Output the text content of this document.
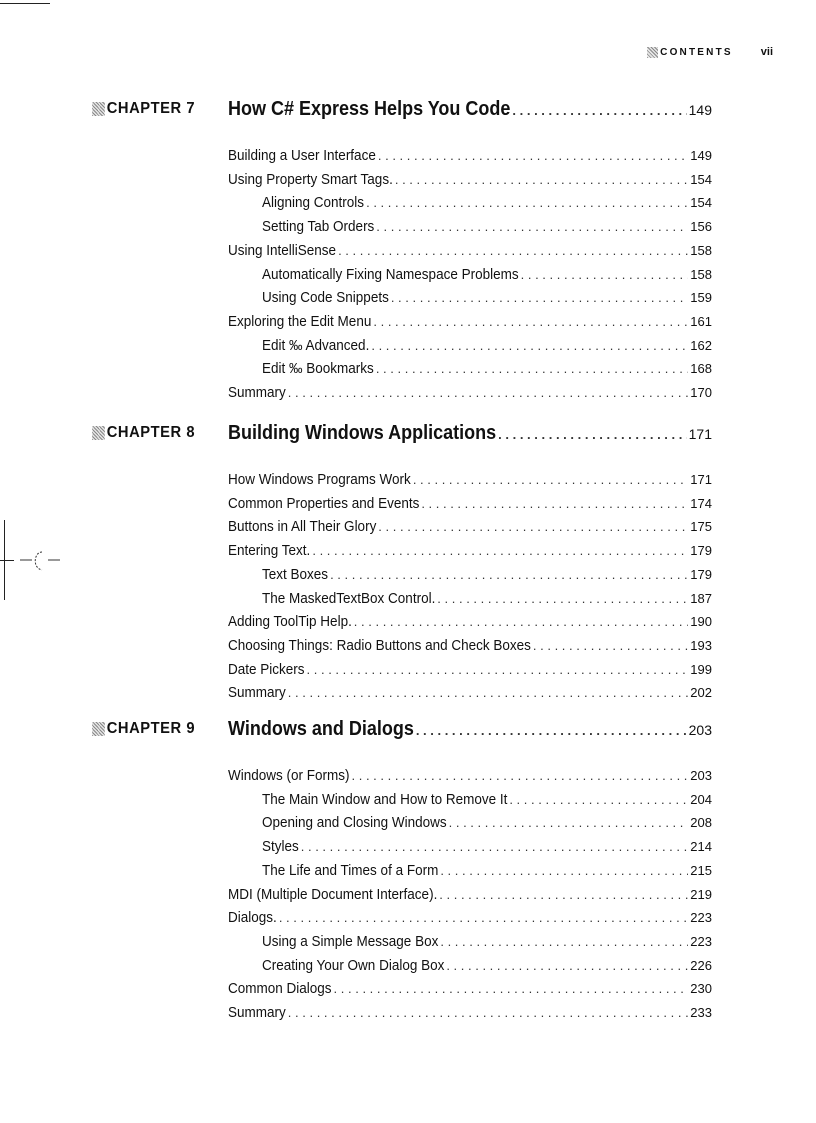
CONTENTS	vii
CHAPTER 7 How C# Express Helps You Code . . .	149
Building a User Interface . . .	149
Using Property Smart Tags. . . .	154
Aligning Controls . . .	154
Setting Tab Orders . . .	156
Using IntelliSense . . .	158
Automatically Fixing Namespace Problems . . .	158
Using Code Snippets . . .	159
Exploring the Edit Menu . . .	161
Edit ‰ Advanced. . . .	162
Edit ‰ Bookmarks . . .	168
Summary . . .	170
CHAPTER 8 Building Windows Applications . . .	171
How Windows Programs Work . . .	171
Common Properties and Events . . .	174
Buttons in All Their Glory . . .	175
Entering Text. . . .	179
Text Boxes . . .	179
The MaskedTextBox Control. . . .	187
Adding ToolTip Help. . . .	190
Choosing Things: Radio Buttons and Check Boxes . . .	193
Date Pickers . . .	199
Summary . . .	202
CHAPTER 9 Windows and Dialogs . . .	203
Windows (or Forms) . . .	203
The Main Window and How to Remove It . . .	204
Opening and Closing Windows . . .	208
Styles . . .	214
The Life and Times of a Form . . .	215
MDI (Multiple Document Interface). . . .	219
Dialogs. . . .	223
Using a Simple Message Box . . .	223
Creating Your Own Dialog Box . . .	226
Common Dialogs . . .	230
Summary . . .	233
